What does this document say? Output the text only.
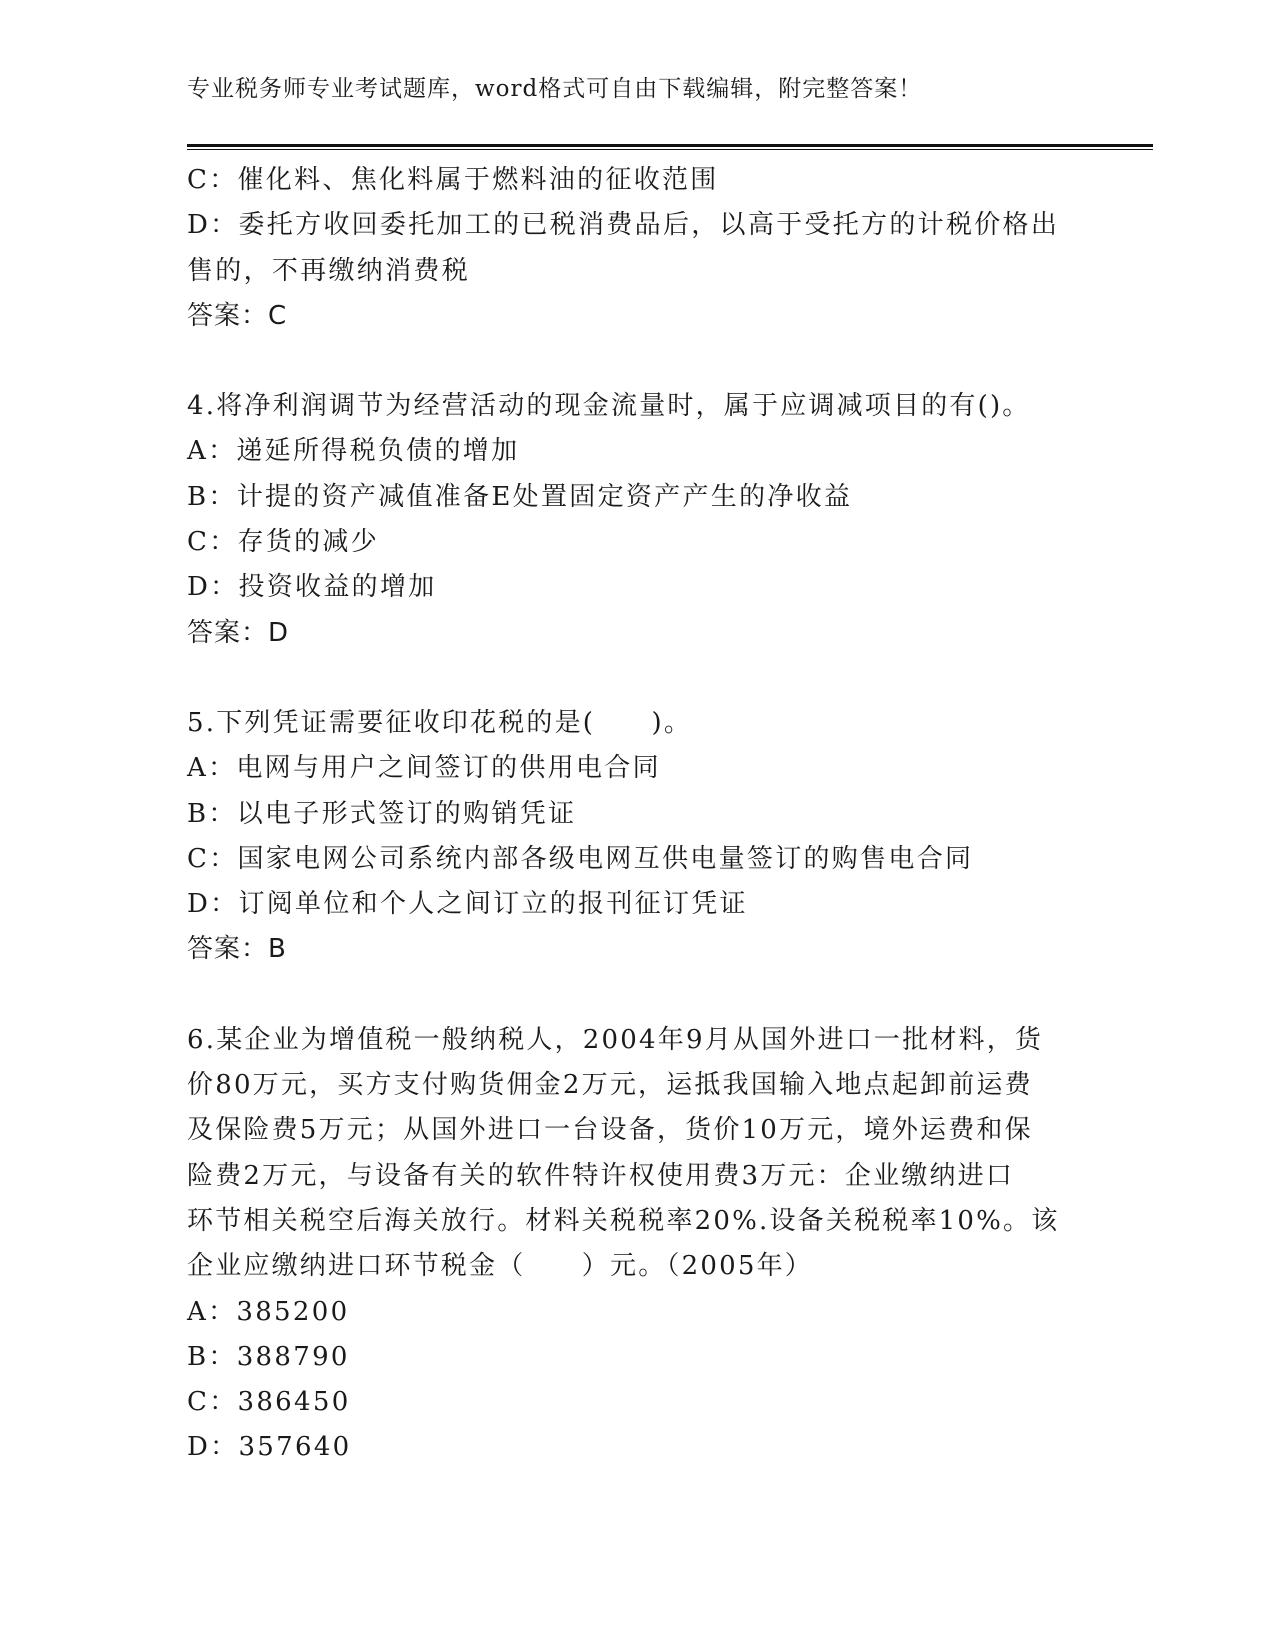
专业税务师专业考试题库，word格式可自由下载编辑，附完整答案！
C：催化料、焦化料属于燃料油的征收范围
D：委托方收回委托加工的已税消费品后，以高于受托方的计税价格出
售的，不再缴纳消费税
答案：C
4.将净利润调节为经营活动的现金流量时，属于应调减项目的有()。
A：递延所得税负债的增加
B：计提的资产减值准备E处置固定资产产生的净收益
C：存货的减少
D：投资收益的增加
答案：D
5.下列凭证需要征收印花税的是(　　)。
A：电网与用户之间签订的供用电合同
B：以电子形式签订的购销凭证
C：国家电网公司系统内部各级电网互供电量签订的购售电合同
D：订阅单位和个人之间订立的报刊征订凭证
答案：B
6.某企业为增值税一般纳税人，2004年9月从国外进口一批材料，货
价80万元，买方支付购货佣金2万元，运抵我国输入地点起卸前运费
及保险费5万元；从国外进口一台设备，货价10万元，境外运费和保
险费2万元，与设备有关的软件特许权使用费3万元：企业缴纳进口
环节相关税空后海关放行。材料关税税率20%.设备关税税率10%。该
企业应缴纳进口环节税金（　　）元。（2005年）
A：385200
B：388790
C：386450
D：357640
